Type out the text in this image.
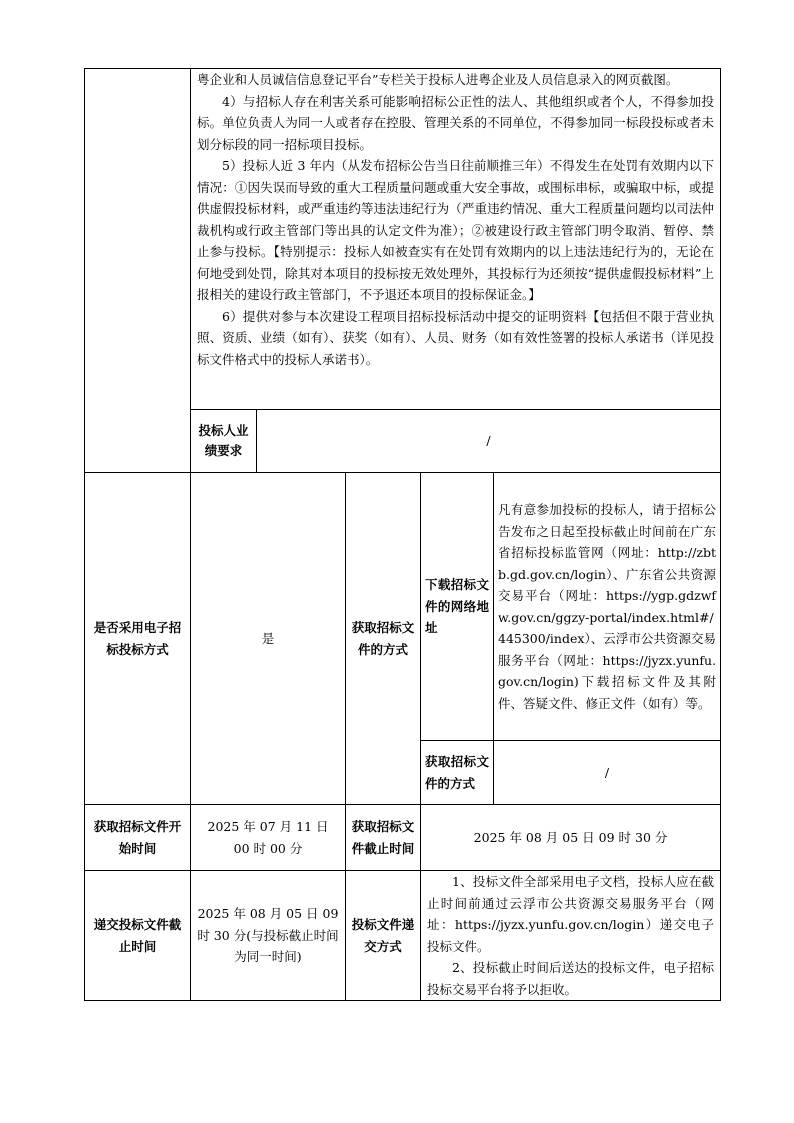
	粤企业和人员诚信信息登记平台”专栏关于投标人进粤企业及人员信息录入的网页截图。

4）与招标人存在利害关系可能影响招标公正性的法人、其他组织或者个人，不得参加投标。单位负责人为同一人或者存在控股、管理关系的不同单位，不得参加同一标段投标或者未划分标段的同一招标项目投标。

5）投标人近 3 年内（从发布招标公告当日往前顺推三年）不得发生在处罚有效期内以下情况：①因失误而导致的重大工程质量问题或重大安全事故，或围标串标，或骗取中标，或提供虚假投标材料，或严重违约等违法违纪行为（严重违约情况、重大工程质量问题均以司法仲裁机构或行政主管部门等出具的认定文件为准）；②被建设行政主管部门明令取消、暂停、禁止参与投标。【特别提示：投标人如被查实有在处罚有效期内的以上违法违纪行为的，无论在何地受到处罚，除其对本项目的投标按无效处理外，其投标行为还须按“提供虚假投标材料”上报相关的建设行政主管部门，不予退还本项目的投标保证金。】

6）提供对参与本次建设工程项目招标投标活动中提交的证明资料【包括但不限于营业执照、资质、业绩（如有）、获奖（如有）、人员、财务（如有效性签署的投标人承诺书（详见投标文件格式中的投标人承诺书）。				

	投标人业绩要求	/			
是否采用电子招标投标方式	是		获取招标文件的方式	下载招标文件的网络地址	凡有意参加投标的投标人，请于招标公告发布之日起至投标截止时间前在广东省招标投标监管网（网址：http://zbtb.gd.gov.cn/login）、广东省公共资源交易平台（网址：https://ygp.gdzwfw.gov.cn/ggzy-portal/index.html#/445300/index）、云浮市公共资源交易服务平台（网址：https://jyzx.yunfu.gov.cn/login)下载招标文件及其附件、答疑文件、修正文件（如有）等。
				获取招标文件的方式	/
获取招标文件开始时间	2025 年 07 月 11 日 00 时 00 分		获取招标文件截止时间	2025 年 08 月 05 日 09 时 30 分	
递交投标文件截止时间	2025 年 08 月 05 日 09 时 30 分(与投标截止时间为同一时间)		投标文件递交方式	1、投标文件全部采用电子文档，投标人应在截止时间前通过云浮市公共资源交易服务平台（网址：https://jyzx.yunfu.gov.cn/login）递交电子投标文件。

2、投标截止时间后送达的投标文件，电子招标投标交易平台将予以拒收。	
